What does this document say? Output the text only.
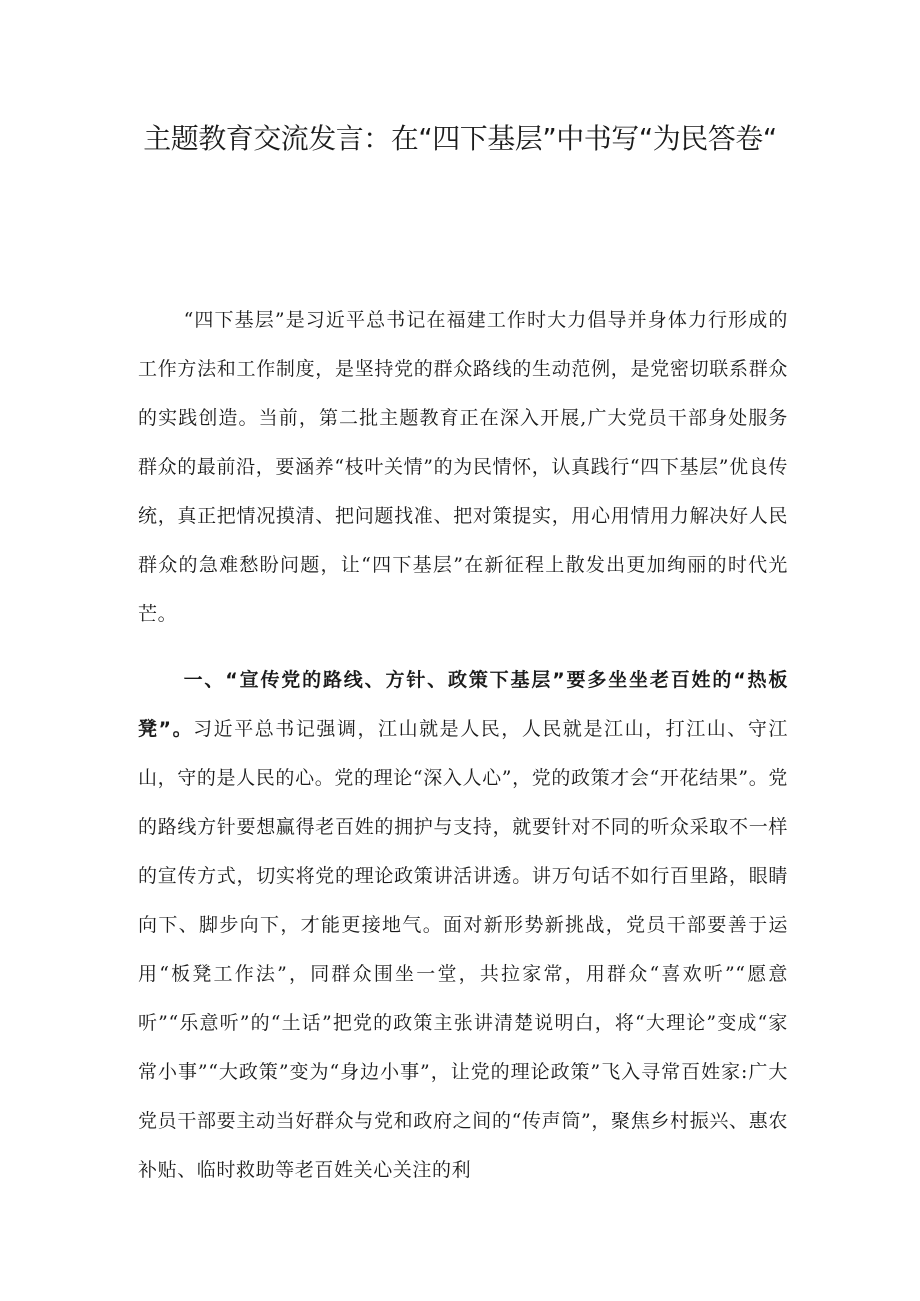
主题教育交流发言：在“四下基层”中书写“为民答卷“

“四下基层”是习近平总书记在福建工作时大力倡导并身体力行形成的工作方法和工作制度，是坚持党的群众路线的生动范例，是党密切联系群众的实践创造。当前，第二批主题教育正在深入开展,广大党员干部身处服务群众的最前沿，要涵养“枝叶关情”的为民情怀，认真践行“四下基层”优良传统，真正把情况摸清、把问题找准、把对策提实，用心用情用力解决好人民群众的急难愁盼问题，让“四下基层”在新征程上散发出更加绚丽的时代光芒。

一、“宣传党的路线、方针、政策下基层”要多坐坐老百姓的“热板凳”。习近平总书记强调，江山就是人民，人民就是江山，打江山、守江山，守的是人民的心。党的理论“深入人心”，党的政策才会“开花结果”。党的路线方针要想赢得老百姓的拥护与支持，就要针对不同的听众采取不一样的宣传方式，切实将党的理论政策讲活讲透。讲万句话不如行百里路，眼睛向下、脚步向下，才能更接地气。面对新形势新挑战，党员干部要善于运用“板凳工作法”，同群众围坐一堂，共拉家常，用群众“喜欢听”“愿意听”“乐意听”的“土话”把党的政策主张讲清楚说明白，将“大理论”变成“家常小事”“大政策”变为“身边小事”，让党的理论政策”飞入寻常百姓家:广大党员干部要主动当好群众与党和政府之间的“传声筒”，聚焦乡村振兴、惠农补贴、临时救助等老百姓关心关注的利
